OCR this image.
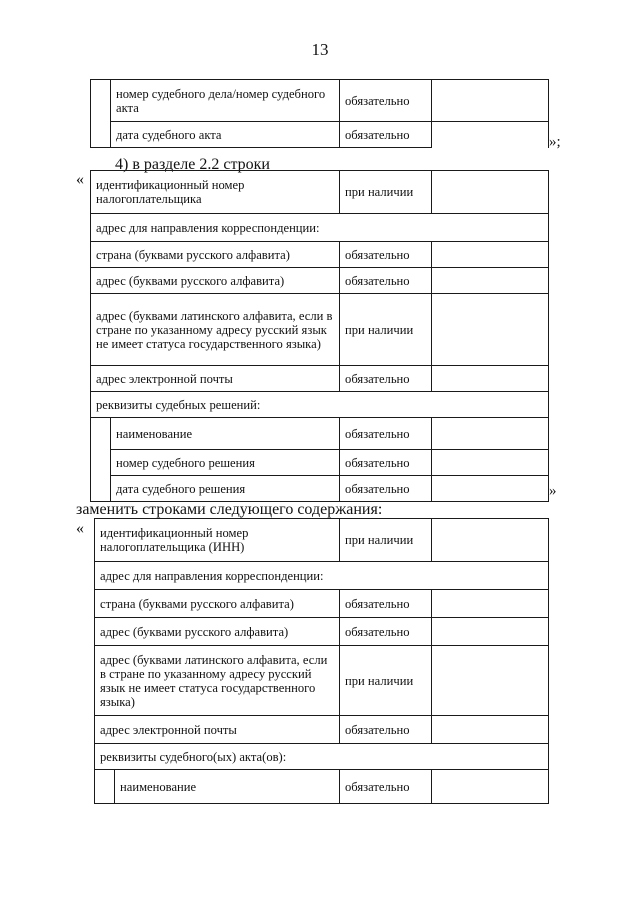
13
	номер судебного дела/номер судебного акта	обязательно	
	дата судебного акта	обязательно		»;
4) в разделе 2.2 строки
« идентификационный номер налогоплательщика		при наличии	
адрес для направления корреспонденции:			
страна (буквами русского алфавита)		обязательно	
адрес (буквами русского алфавита)		обязательно	
адрес (буквами латинского алфавита, если в стране по указанному адресу русский язык не имеет статуса государственного языка)		при наличии	
адрес электронной почты		обязательно	
реквизиты судебных решений:			
	наименование	обязательно	
	номер судебного решения	обязательно	
	дата судебного решения	обязательно		»
заменить строками следующего содержания:
« идентификационный номер налогоплательщика (ИНН)		при наличии	
адрес для направления корреспонденции:			
страна (буквами русского алфавита)		обязательно	
адрес (буквами русского алфавита)		обязательно	
адрес (буквами латинского алфавита, если в стране по указанному адресу русский язык не имеет статуса государственного языка)		при наличии	
адрес электронной почты		обязательно	
реквизиты судебного(ых) акта(ов):			
	наименование	обязательно	
